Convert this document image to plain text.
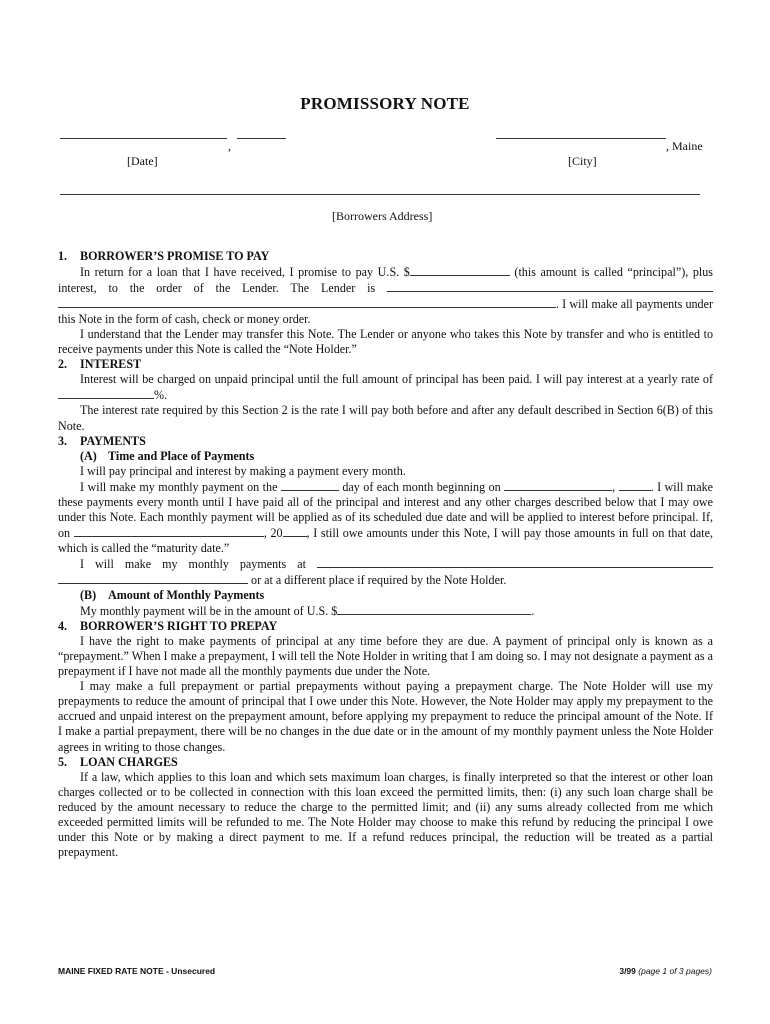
PROMISSORY NOTE
,
[Date]
, Maine
[City]
[Borrowers Address]

1. BORROWER’S PROMISE TO PAY

In return for a loan that I have received, I promise to pay U.S. $	(this amount is called “principal”), plus interest, to the order of the Lender. The Lender is . I will make all payments under this Note in the form of cash, check or money order.

I understand that the Lender may transfer this Note. The Lender or anyone who takes this Note by transfer and who is entitled to receive payments under this Note is called the “Note Holder.”

2. INTEREST

Interest will be charged on unpaid principal until the full amount of principal has been paid. I will pay interest at a yearly rate of %.

The interest rate required by this Section 2 is the rate I will pay both before and after any default described in Section 6(B) of this Note.

3. PAYMENTS

(A) Time and Place of Payments

I will pay principal and interest by making a payment every month.

I will make my monthly payment on the	day of each month beginning on	,	. I will make these payments every month until I have paid all of the principal and interest and any other charges described below that I may owe under this Note. Each monthly payment will be applied as of its scheduled due date and will be applied to interest before principal. If, on	, 20 , I still owe amounts under this Note, I will pay those amounts in full on that date, which is called the “maturity date.”

I will make my monthly payments at  or at a different place if required by the Note Holder.

(B) Amount of Monthly Payments

My monthly payment will be in the amount of U.S. $	.

4. BORROWER’S RIGHT TO PREPAY

I have the right to make payments of principal at any time before they are due. A payment of principal only is known as a “prepayment.” When I make a prepayment, I will tell the Note Holder in writing that I am doing so. I may not designate a payment as a prepayment if I have not made all the monthly payments due under the Note.

I may make a full prepayment or partial prepayments without paying a prepayment charge. The Note Holder will use my prepayments to reduce the amount of principal that I owe under this Note. However, the Note Holder may apply my prepayment to the accrued and unpaid interest on the prepayment amount, before applying my prepayment to reduce the principal amount of the Note. If I make a partial prepayment, there will be no changes in the due date or in the amount of my monthly payment unless the Note Holder agrees in writing to those changes.

5. LOAN CHARGES

If a law, which applies to this loan and which sets maximum loan charges, is finally interpreted so that the interest or other loan charges collected or to be collected in connection with this loan exceed the permitted limits, then: (i) any such loan charge shall be reduced by the amount necessary to reduce the charge to the permitted limit; and (ii) any sums already collected from me which exceeded permitted limits will be refunded to me. The Note Holder may choose to make this refund by reducing the principal I owe under this Note or by making a direct payment to me. If a refund reduces principal, the reduction will be treated as a partial prepayment.

MAINE FIXED RATE NOTE - Unsecured	3/99 (page 1 of 3 pages)
